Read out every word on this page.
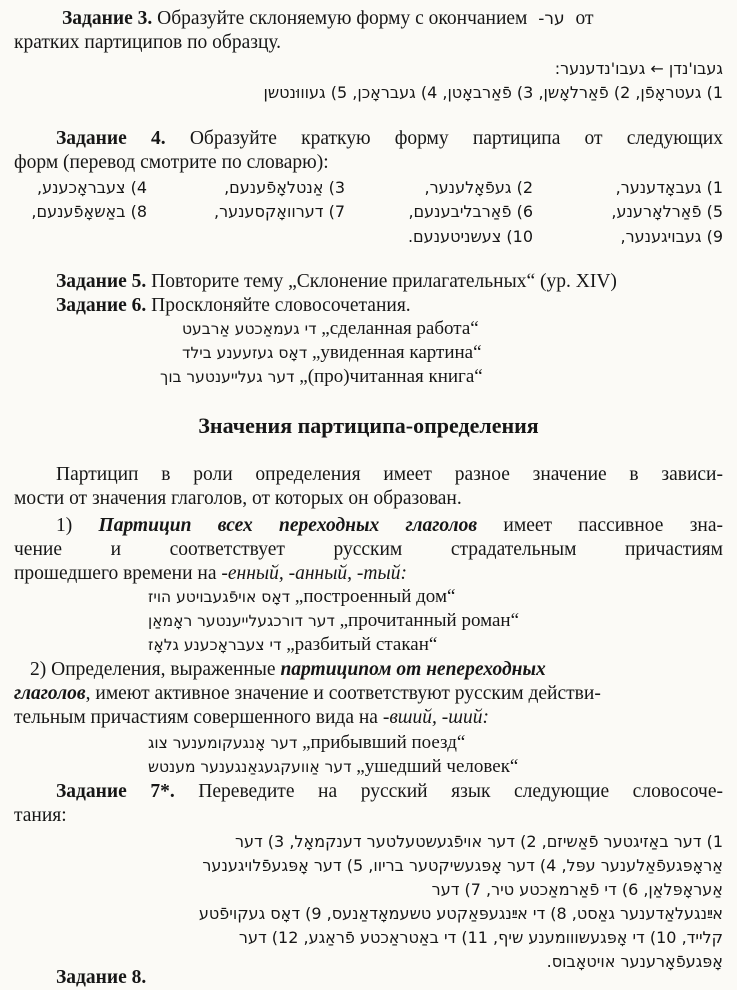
Задание 3. Образуйте склоняемую форму с окончанием ער- от
кратких партиципов по образцу.
געבו'נדן ← געבו'נדענער:
1) געטראָפֿן, 2) פֿאַרלאָשן, 3) פֿאַרבאָטן, 4) געבראָכן, 5) געוווּנטשן
Задание 4. Образуйте краткую форму партиципа от следующих
форм (перевод смотрите по словарю):
1) געבאָדענער,
2) געפֿאָלענער,
3) אַנטלאָפֿענעם,
4) צעבראָכענע,
5) פֿאַרלאָרענע,
6) פֿאַרבליבענעם,
7) דערוואָקסענער,
8) באַשאָפֿענעם,
9) געבויגענער,
10) צעשניטענעם.
Задание 5. Повторите тему „Склонение прилагательных“ (ур. XIV)
Задание 6. Просклоняйте словосочетания.
די געמאַכטע אַרבעט „сделанная работа“
דאָס געזעענע בילד „увиденная картина“
דער געלייענטער בוך „(про)читанная книга“
Значения партиципа-определения
Партицип в роли определения имеет разное значение в зависи-
мости от значения глаголов, от которых он образован.
1) Партицип всех переходных глаголов имеет пассивное зна-
чение и соответствует русским страдательным причастиям
прошедшего времени на -енный, -анный, -тый:
דאָס אויפֿגעבויטע הויז „построенный дом“
דער דורכגעלייענטער ראָמאַן „прочитанный роман“
די צעבראָכענע גלאָז „разбитый стакан“
2) Определения, выраженные партиципом от непереходных
глаголов, имеют активное значение и соответствуют русским действи-
тельным причастиям совершенного вида на -вший, -ший:
דער אָנגעקומענער צוג „прибывший поезд“
דער אַוועקגעגאַנגענער מענטש „ушедший человек“
Задание 7*. Переведите на русский язык следующие словосоче-
тания:
1) דער באַזיגטער פֿאַשיזם, 2) דער אויפֿגעשטעלטער דענקמאָל, 3) דער
אַראָפּגעפֿאַלענער עפּל, 4) דער אָפּגעשיקטער בריוו, 5) דער אָפּגעפֿלויגענער
אַעראָפּלאַן, 6) די פֿאַרמאַכטע טיר, 7) דער
אײַנגעלאַדענער גאַסט, 8) די אײַנגעפּאַקטע טשעמאָדאַנעס, 9) דאָס געקויפֿטע
קלייד, 10) די אָפּגעשווומענע שיף, 11) די באַטראַכטע פֿראַגע, 12) דער
אָפּגעפֿאָרענער אויטאָבוס.
Задание 8.
